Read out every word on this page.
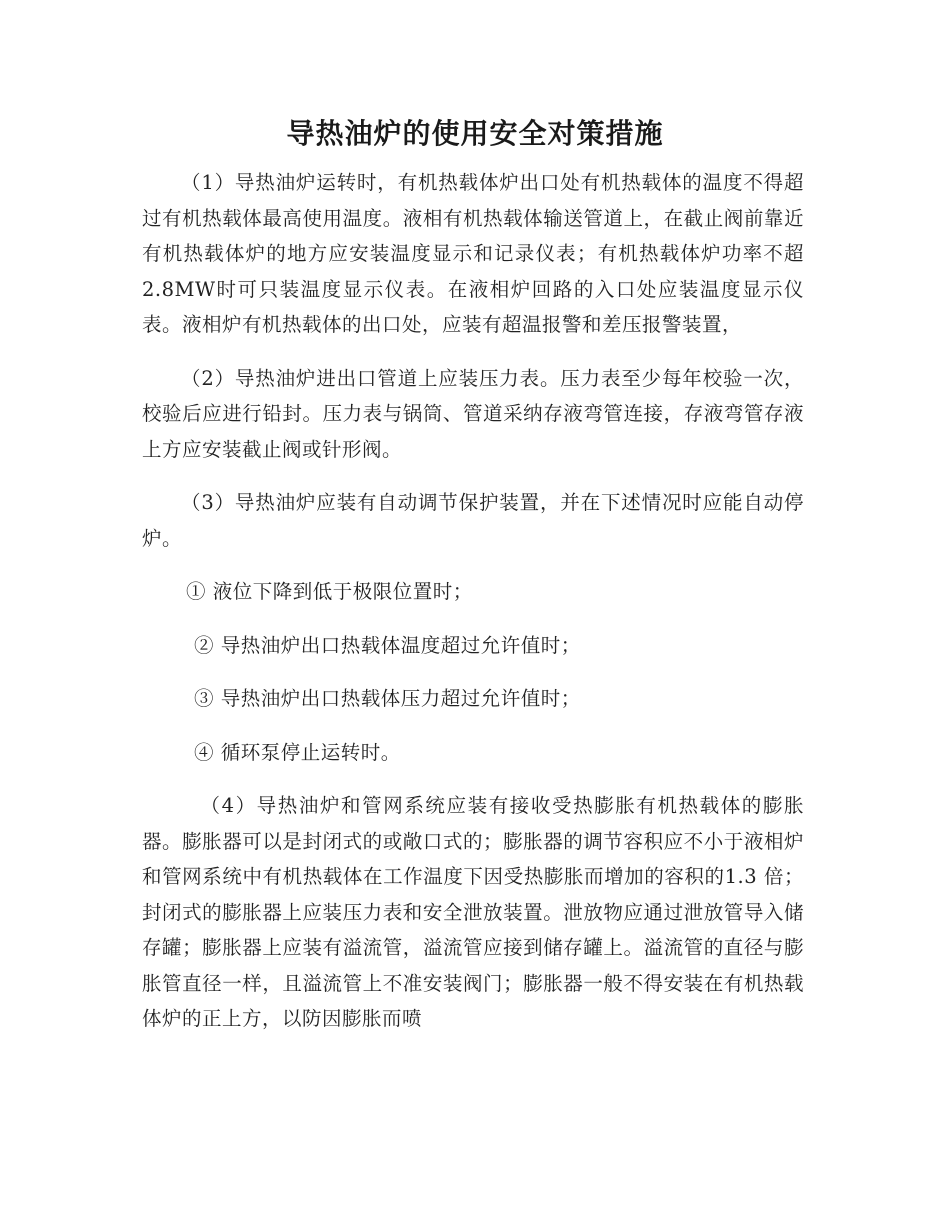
导热油炉的使用安全对策措施

（1）导热油炉运转时，有机热载体炉出口处有机热载体的温度不得超过有机热载体最高使用温度。液相有机热载体输送管道上，在截止阀前靠近有机热载体炉的地方应安装温度显示和记录仪表；有机热载体炉功率不超2.8MW时可只装温度显示仪表。在液相炉回路的入口处应装温度显示仪表。液相炉有机热载体的出口处，应装有超温报警和差压报警装置，

（2）导热油炉进出口管道上应装压力表。压力表至少每年校验一次，校验后应进行铅封。压力表与锅筒、管道采纳存液弯管连接，存液弯管存液上方应安装截止阀或针形阀。

（3）导热油炉应装有自动调节保护装置，并在下述情况时应能自动停炉。

① 液位下降到低于极限位置时；
② 导热油炉出口热载体温度超过允许值时；
③ 导热油炉出口热载体压力超过允许值时；
④ 循环泵停止运转时。

（4）导热油炉和管网系统应装有接收受热膨胀有机热载体的膨胀器。膨胀器可以是封闭式的或敞口式的；膨胀器的调节容积应不小于液相炉和管网系统中有机热载体在工作温度下因受热膨胀而增加的容积的1.3 倍；封闭式的膨胀器上应装压力表和安全泄放装置。泄放物应通过泄放管导入储存罐；膨胀器上应装有溢流管，溢流管应接到储存罐上。溢流管的直径与膨胀管直径一样，且溢流管上不准安装阀门；膨胀器一般不得安装在有机热载体炉的正上方，以防因膨胀而喷
